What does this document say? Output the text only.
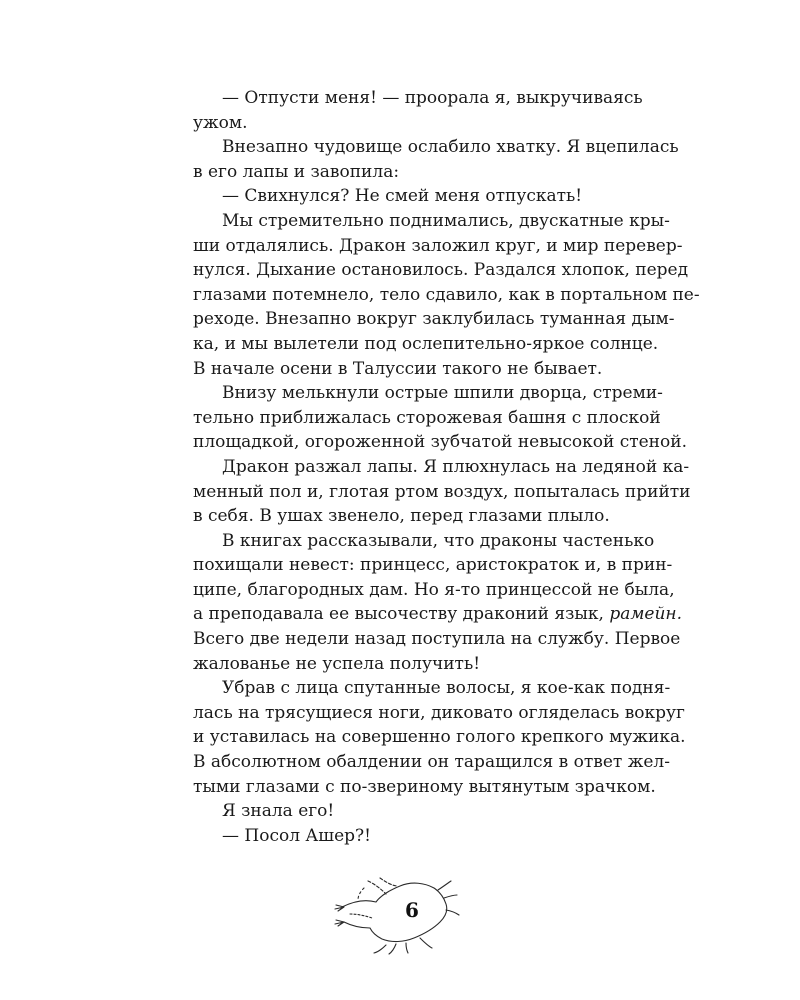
— Отпусти меня! — проорала я, выкручиваясь
ужом.

Внезапно чудовище ослабило хватку. Я вцепилась
в его лапы и завопила:

— Свихнулся? Не смей меня отпускать!

Мы стремительно поднимались, двускатные кры-
ши отдалялись. Дракон заложил круг, и мир перевер-
нулся. Дыхание остановилось. Раздался хлопок, перед
глазами потемнело, тело сдавило, как в портальном пе-
реходе. Внезапно вокруг заклубилась туманная дым-
ка, и мы вылетели под ослепительно-яркое солнце.
В начале осени в Талуссии такого не бывает.

Внизу мелькнули острые шпили дворца, стреми-
тельно приближалась сторожевая башня с плоской
площадкой, огороженной зубчатой невысокой стеной.

Дракон разжал лапы. Я плюхнулась на ледяной ка-
менный пол и, глотая ртом воздух, попыталась прийти
в себя. В ушах звенело, перед глазами плыло.

В книгах рассказывали, что драконы частенько
похищали невест: принцесс, аристократок и, в прин-
ципе, благородных дам. Но я-то принцессой не была,
а преподавала ее высочеству драконий язык, рамейн.
Всего две недели назад поступила на службу. Первое
жалованье не успела получить!

Убрав с лица спутанные волосы, я кое-как подня-
лась на трясущиеся ноги, диковато огляделась вокруг
и уставилась на совершенно голого крепкого мужика.
В абсолютном обалдении он таращился в ответ жел-
тыми глазами с по-звериному вытянутым зрачком.

Я знала его!

— Посол Ашер?!

6
